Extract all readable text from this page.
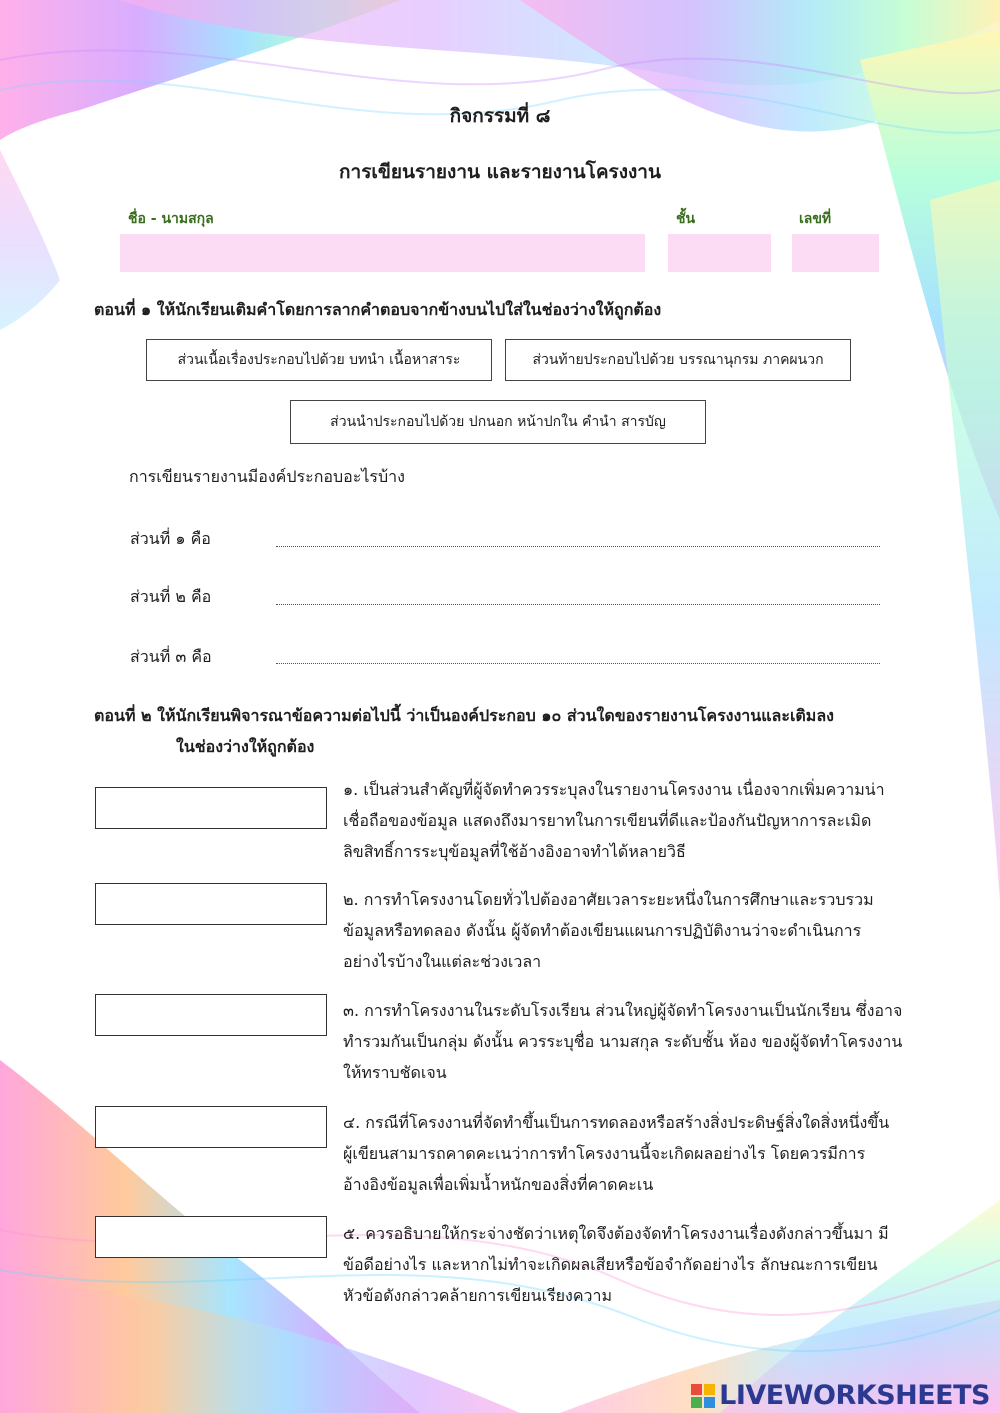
กิจกรรมที่ ๘
การเขียนรายงาน และรายงานโครงงาน
ชื่อ - นามสกุล	ชั้น	เลขที่
ตอนที่ ๑ ให้นักเรียนเติมคำโดยการลากคำตอบจากข้างบนไปใส่ในช่องว่างให้ถูกต้อง
ส่วนเนื้อเรื่องประกอบไปด้วย บทนำ เนื้อหาสาระ	ส่วนท้ายประกอบไปด้วย บรรณานุกรม ภาคผนวก
ส่วนนำประกอบไปด้วย ปกนอก หน้าปกใน คำนำ สารบัญ
การเขียนรายงานมีองค์ประกอบอะไรบ้าง
ส่วนที่ ๑ คือ
ส่วนที่ ๒ คือ
ส่วนที่ ๓ คือ
ตอนที่ ๒ ให้นักเรียนพิจารณาข้อความต่อไปนี้ ว่าเป็นองค์ประกอบ ๑๐ ส่วนใดของรายงานโครงงานและเติมลง
ในช่องว่างให้ถูกต้อง
๑. เป็นส่วนสำคัญที่ผู้จัดทำควรระบุลงในรายงานโครงงาน เนื่องจากเพิ่มความน่าเชื่อถือของข้อมูล แสดงถึงมารยาทในการเขียนที่ดีและป้องกันปัญหาการละเมิดลิขสิทธิ์การระบุข้อมูลที่ใช้อ้างอิงอาจทำได้หลายวิธี
๒. การทำโครงงานโดยทั่วไปต้องอาศัยเวลาระยะหนึ่งในการศึกษาและรวบรวมข้อมูลหรือทดลอง ดังนั้น ผู้จัดทำต้องเขียนแผนการปฏิบัติงานว่าจะดำเนินการอย่างไรบ้างในแต่ละช่วงเวลา
๓. การทำโครงงานในระดับโรงเรียน ส่วนใหญ่ผู้จัดทำโครงงานเป็นนักเรียน ซึ่งอาจทำรวมกันเป็นกลุ่ม ดังนั้น ควรระบุชื่อ นามสกุล ระดับชั้น ห้อง ของผู้จัดทำโครงงานให้ทราบชัดเจน
๔. กรณีที่โครงงานที่จัดทำขึ้นเป็นการทดลองหรือสร้างสิ่งประดิษฐ์สิ่งใดสิ่งหนึ่งขึ้น ผู้เขียนสามารถคาดคะเนว่าการทำโครงงานนี้จะเกิดผลอย่างไร โดยควรมีการอ้างอิงข้อมูลเพื่อเพิ่มน้ำหนักของสิ่งที่คาดคะเน
๕. ควรอธิบายให้กระจ่างชัดว่าเหตุใดจึงต้องจัดทำโครงงานเรื่องดังกล่าวขึ้นมา มีข้อดีอย่างไร และหากไม่ทำจะเกิดผลเสียหรือข้อจำกัดอย่างไร ลักษณะการเขียนหัวข้อดังกล่าวคล้ายการเขียนเรียงความ
LIVEWORKSHEETS
